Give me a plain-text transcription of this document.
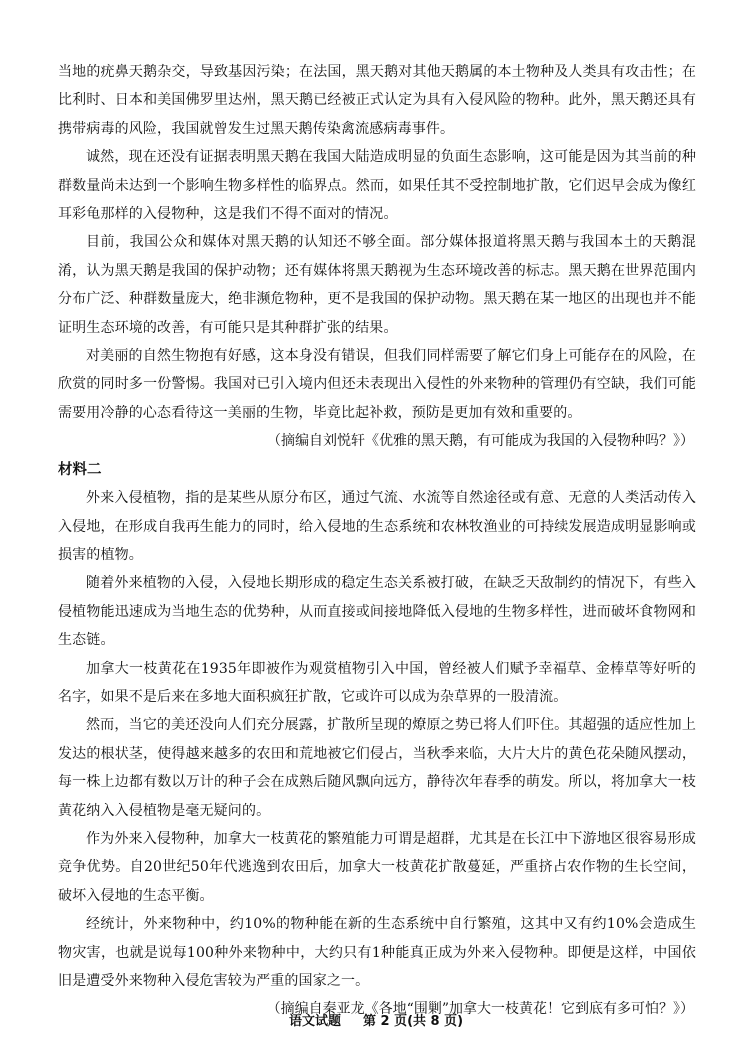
当地的疣鼻天鹅杂交，导致基因污染；在法国，黑天鹅对其他天鹅属的本土物种及人类具有攻击性；在比利时、日本和美国佛罗里达州，黑天鹅已经被正式认定为具有入侵风险的物种。此外，黑天鹅还具有携带病毒的风险，我国就曾发生过黑天鹅传染禽流感病毒事件。

诚然，现在还没有证据表明黑天鹅在我国大陆造成明显的负面生态影响，这可能是因为其当前的种群数量尚未达到一个影响生物多样性的临界点。然而，如果任其不受控制地扩散，它们迟早会成为像红耳彩龟那样的入侵物种，这是我们不得不面对的情况。

目前，我国公众和媒体对黑天鹅的认知还不够全面。部分媒体报道将黑天鹅与我国本土的天鹅混淆，认为黑天鹅是我国的保护动物；还有媒体将黑天鹅视为生态环境改善的标志。黑天鹅在世界范围内分布广泛、种群数量庞大，绝非濒危物种，更不是我国的保护动物。黑天鹅在某一地区的出现也并不能证明生态环境的改善，有可能只是其种群扩张的结果。

对美丽的自然生物抱有好感，这本身没有错误，但我们同样需要了解它们身上可能存在的风险，在欣赏的同时多一份警惕。我国对已引入境内但还未表现出入侵性的外来物种的管理仍有空缺，我们可能需要用冷静的心态看待这一美丽的生物，毕竟比起补救，预防是更加有效和重要的。

（摘编自刘悦轩《优雅的黑天鹅，有可能成为我国的入侵物种吗？》）

材料二

外来入侵植物，指的是某些从原分布区，通过气流、水流等自然途径或有意、无意的人类活动传入入侵地，在形成自我再生能力的同时，给入侵地的生态系统和农林牧渔业的可持续发展造成明显影响或损害的植物。

随着外来植物的入侵，入侵地长期形成的稳定生态关系被打破，在缺乏天敌制约的情况下，有些入侵植物能迅速成为当地生态的优势种，从而直接或间接地降低入侵地的生物多样性，进而破坏食物网和生态链。

加拿大一枝黄花在1935年即被作为观赏植物引入中国，曾经被人们赋予幸福草、金棒草等好听的名字，如果不是后来在多地大面积疯狂扩散，它或许可以成为杂草界的一股清流。

然而，当它的美还没向人们充分展露，扩散所呈现的燎原之势已将人们吓住。其超强的适应性加上发达的根状茎，使得越来越多的农田和荒地被它们侵占，当秋季来临，大片大片的黄色花朵随风摆动，每一株上边都有数以万计的种子会在成熟后随风飘向远方，静待次年春季的萌发。所以，将加拿大一枝黄花纳入入侵植物是毫无疑问的。

作为外来入侵物种，加拿大一枝黄花的繁殖能力可谓是超群，尤其是在长江中下游地区很容易形成竞争优势。自20世纪50年代逃逸到农田后，加拿大一枝黄花扩散蔓延，严重挤占农作物的生长空间，破坏入侵地的生态平衡。

经统计，外来物种中，约10%的物种能在新的生态系统中自行繁殖，这其中又有约10%会造成生物灾害，也就是说每100种外来物种中，大约只有1种能真正成为外来入侵物种。即便是这样，中国依旧是遭受外来物种入侵危害较为严重的国家之一。

（摘编自秦亚龙《各地“围剿”加拿大一枝黄花！它到底有多可怕？》）

语文试题 第 2 页(共 8 页)
